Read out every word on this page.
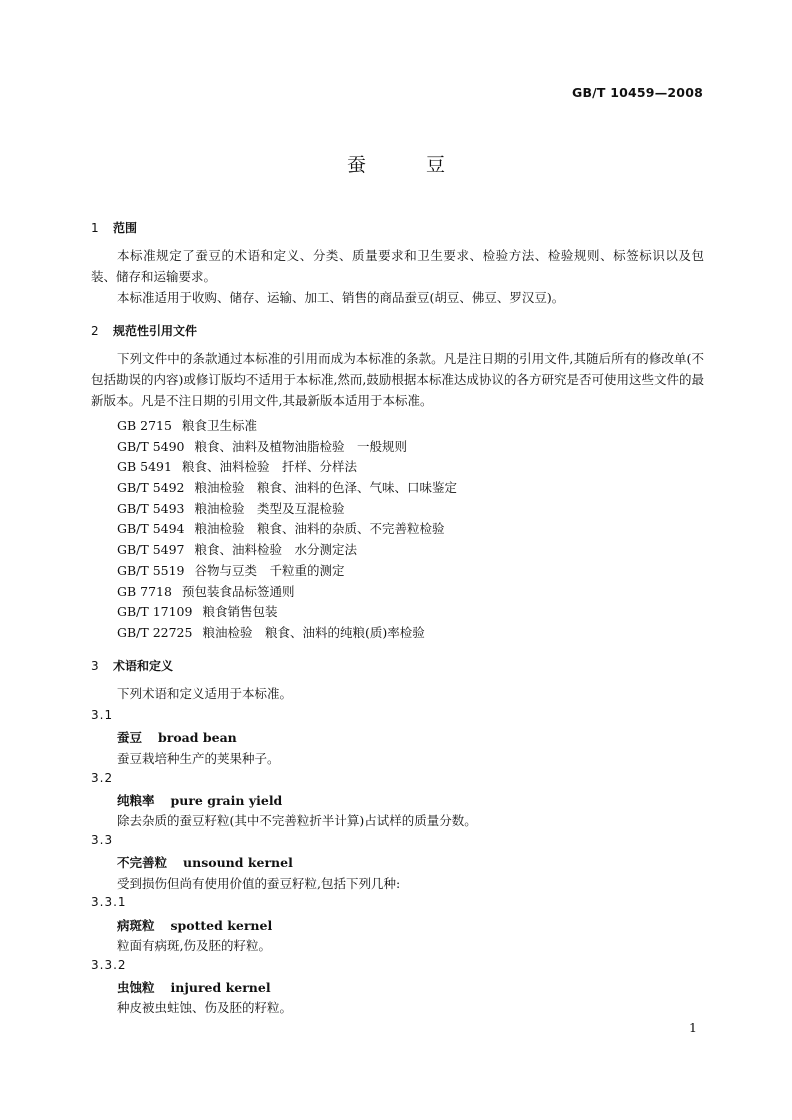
GB/T 10459—2008
蚕豆
1 范围
本标准规定了蚕豆的术语和定义、分类、质量要求和卫生要求、检验方法、检验规则、标签标识以及包装、储存和运输要求。
本标准适用于收购、储存、运输、加工、销售的商品蚕豆(胡豆、佛豆、罗汉豆)。
2 规范性引用文件
下列文件中的条款通过本标准的引用而成为本标准的条款。凡是注日期的引用文件,其随后所有的修改单(不包括勘误的内容)或修订版均不适用于本标准,然而,鼓励根据本标准达成协议的各方研究是否可使用这些文件的最新版本。凡是不注日期的引用文件,其最新版本适用于本标准。
GB 2715 粮食卫生标准
GB/T 5490 粮食、油料及植物油脂检验　一般规则
GB 5491 粮食、油料检验　扦样、分样法
GB/T 5492 粮油检验　粮食、油料的色泽、气味、口味鉴定
GB/T 5493 粮油检验　类型及互混检验
GB/T 5494 粮油检验　粮食、油料的杂质、不完善粒检验
GB/T 5497 粮食、油料检验　水分测定法
GB/T 5519 谷物与豆类　千粒重的测定
GB 7718 预包装食品标签通则
GB/T 17109 粮食销售包装
GB/T 22725 粮油检验　粮食、油料的纯粮(质)率检验
3 术语和定义
下列术语和定义适用于本标准。
3.1
蚕豆 broad bean
蚕豆栽培种生产的荚果种子。
3.2
纯粮率 pure grain yield
除去杂质的蚕豆籽粒(其中不完善粒折半计算)占试样的质量分数。
3.3
不完善粒 unsound kernel
受到损伤但尚有使用价值的蚕豆籽粒,包括下列几种:
3.3.1
病斑粒 spotted kernel
粒面有病斑,伤及胚的籽粒。
3.3.2
虫蚀粒 injured kernel
种皮被虫蛀蚀、伤及胚的籽粒。
1
